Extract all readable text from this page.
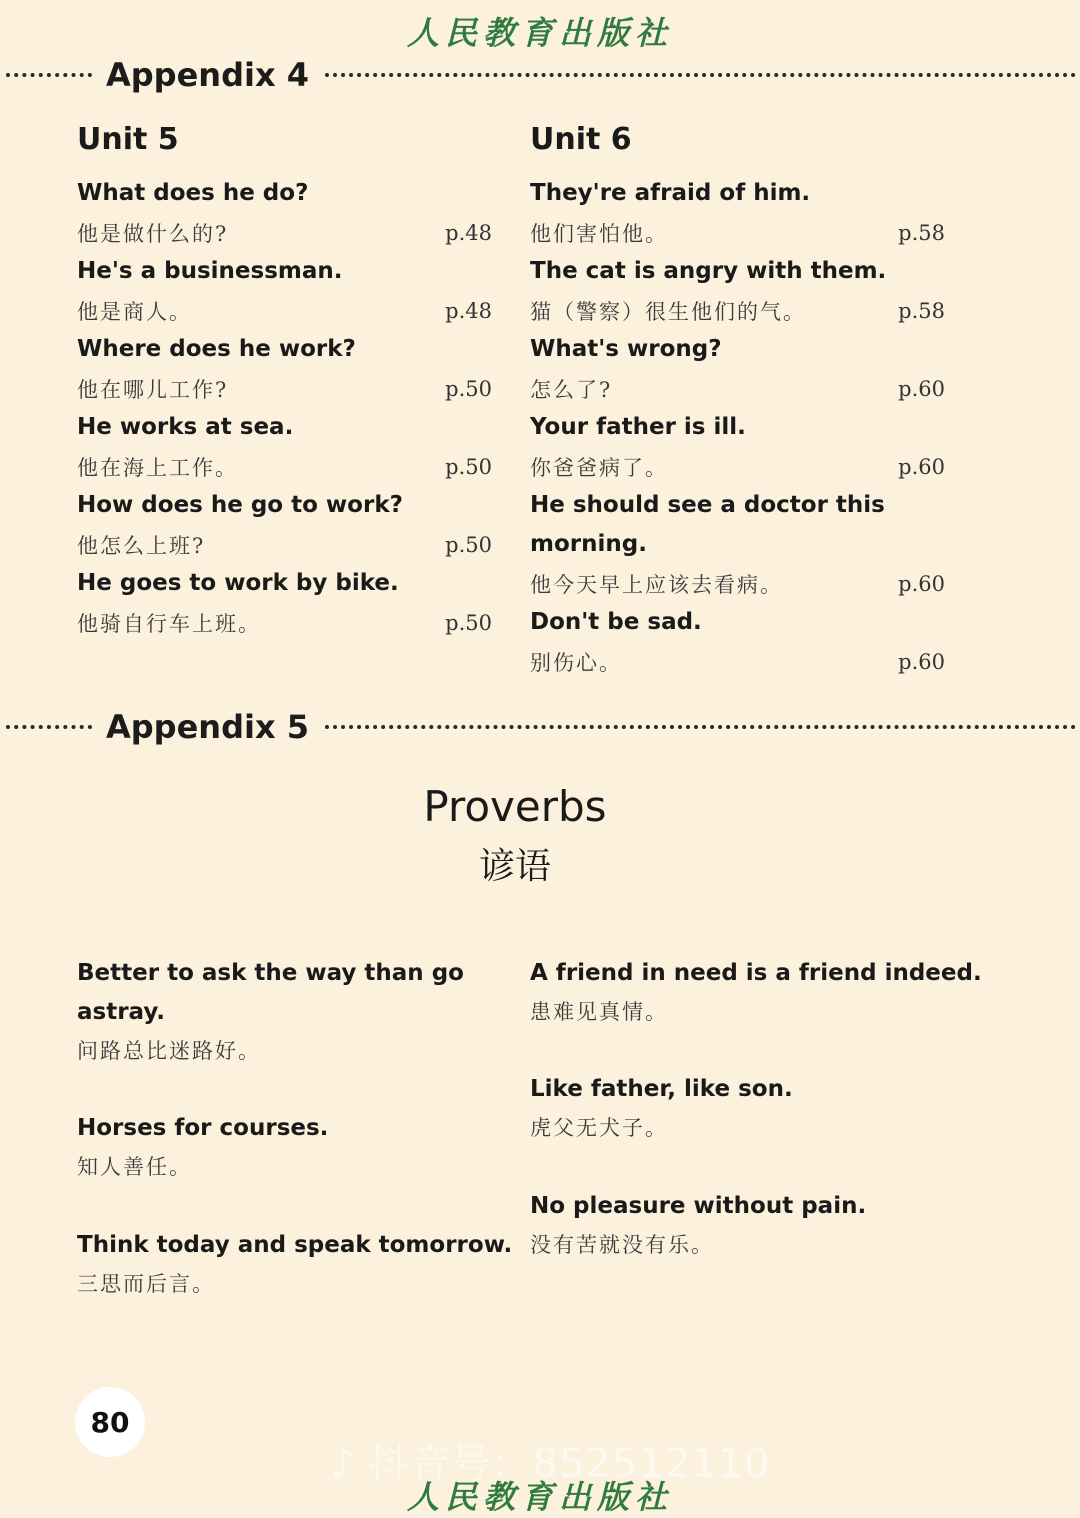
人民教育出版社
Appendix 4
Unit 5
What does he do?
他是做什么的?	p.48
He's a businessman.
他是商人。	p.48
Where does he work?
他在哪儿工作?	p.50
He works at sea.
他在海上工作。	p.50
How does he go to work?
他怎么上班?	p.50
He goes to work by bike.
他骑自行车上班。	p.50
Unit 6
They're afraid of him.
他们害怕他。	p.58
The cat is angry with them.
猫（警察）很生他们的气。	p.58
What's wrong?
怎么了?	p.60
Your father is ill.
你爸爸病了。	p.60
He should see a doctor this
morning.
他今天早上应该去看病。	p.60
Don't be sad.
别伤心。	p.60
Appendix 5
Proverbs
谚语
Better to ask the way than go
astray.
问路总比迷路好。
Horses for courses.
知人善任。
Think today and speak tomorrow.
三思而后言。
A friend in need is a friend indeed.
患难见真情。
Like father, like son.
虎父无犬子。
No pleasure without pain.
没有苦就没有乐。
80
♪ 抖音号：852512110
人民教育出版社
